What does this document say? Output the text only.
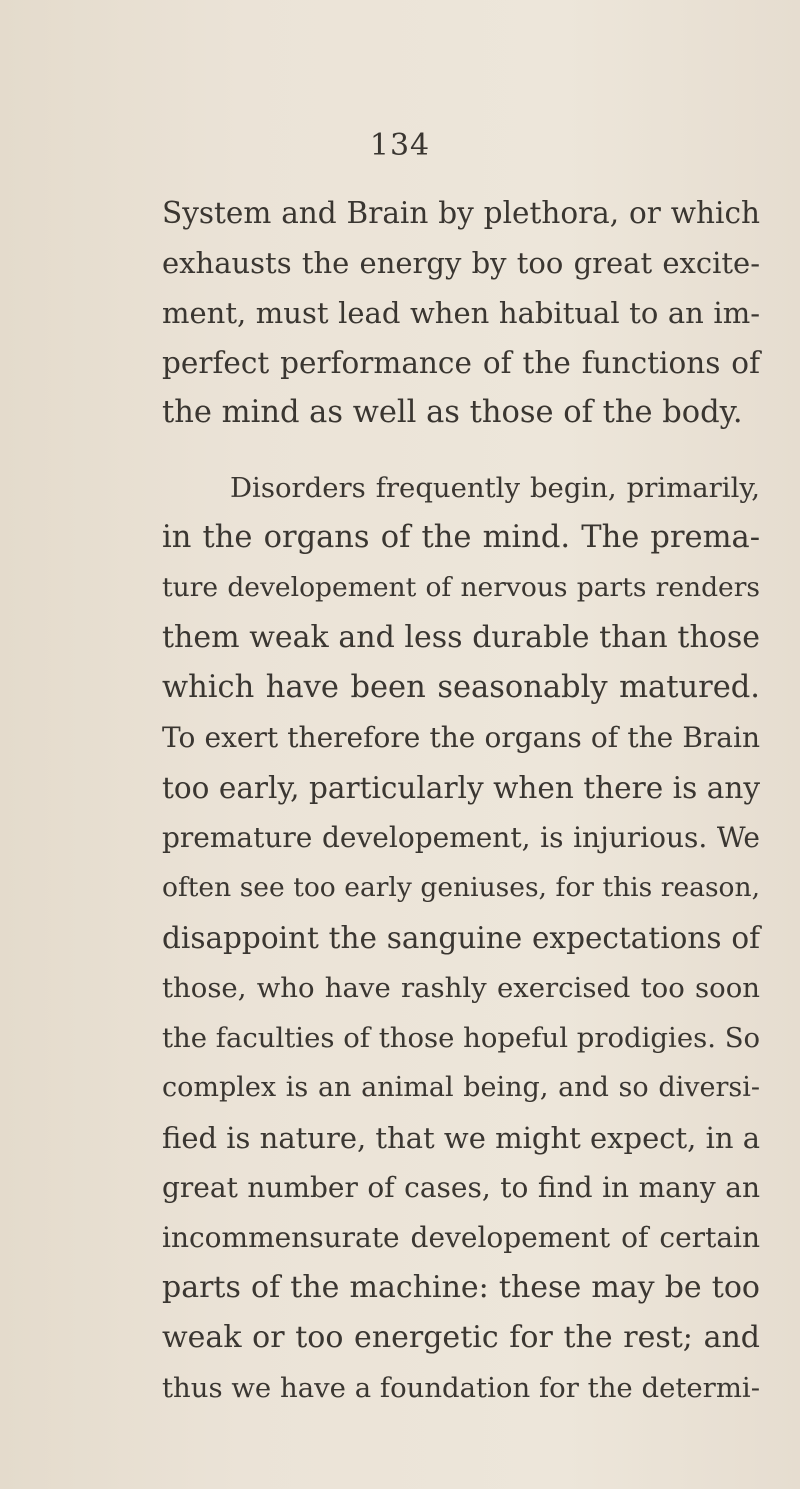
134
System and Brain by plethora, or which
exhausts the energy by too great excite-
ment, must lead when habitual to an im-
perfect performance of the functions of
the mind as well as those of the body.
Disorders frequently begin, primarily,
in the organs of the mind. The prema-
ture developement of nervous parts renders
them weak and less durable than those
which have been seasonably matured.
To exert therefore the organs of the Brain
too early, particularly when there is any
premature developement, is injurious. We
often see too early geniuses, for this reason,
disappoint the sanguine expectations of
those, who have rashly exercised too soon
the faculties of those hopeful prodigies. So
complex is an animal being, and so diversi-
fied is nature, that we might expect, in a
great number of cases, to find in many an
incommensurate developement of certain
parts of the machine: these may be too
weak or too energetic for the rest; and
thus we have a foundation for the determi-
